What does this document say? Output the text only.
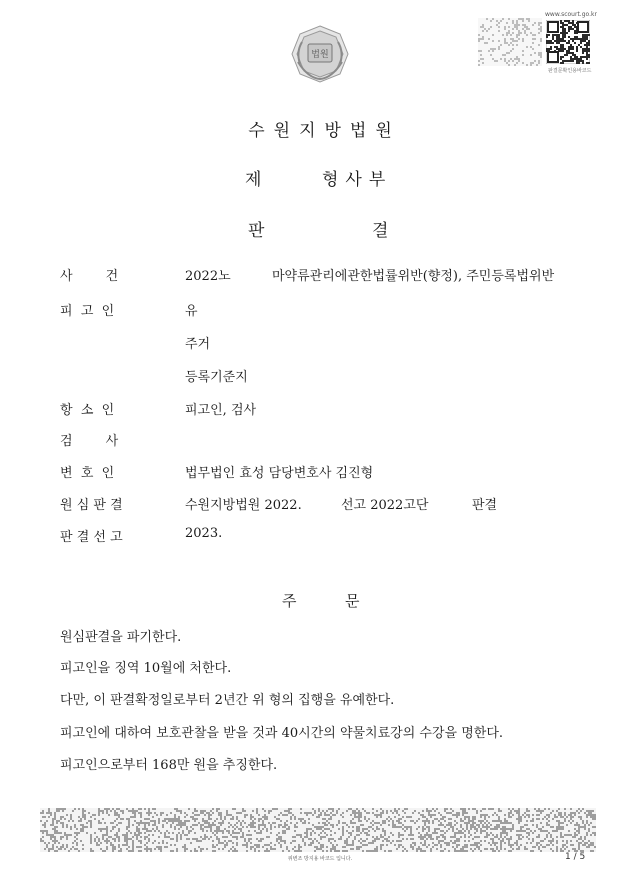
법원
www.scourt.go.kr
판결문확인용바코드
수원지방법원
제	형사부
판	결
사        건	2022노	마약류관리에관한법률위반(향정), 주민등록법위반
피  고  인	유
주거
등록기준지
항  소  인	피고인, 검사
검        사
변  호  인	법무법인 효성 담당변호사 김진형
원 심 판 결	수원지방법원 2022.	선고 2022고단	판결
판 결 선 고	2023.
주	문
원심판결을 파기한다.
피고인을 징역 10월에 처한다.
다만, 이 판결확정일로부터 2년간 위 형의 집행을 유예한다.
피고인에 대하여 보호관찰을 받을 것과 40시간의 약물치료강의 수강을 명한다.
피고인으로부터 168만 원을 추징한다.
위변조 방지용 바코드 입니다.	1 / 5
